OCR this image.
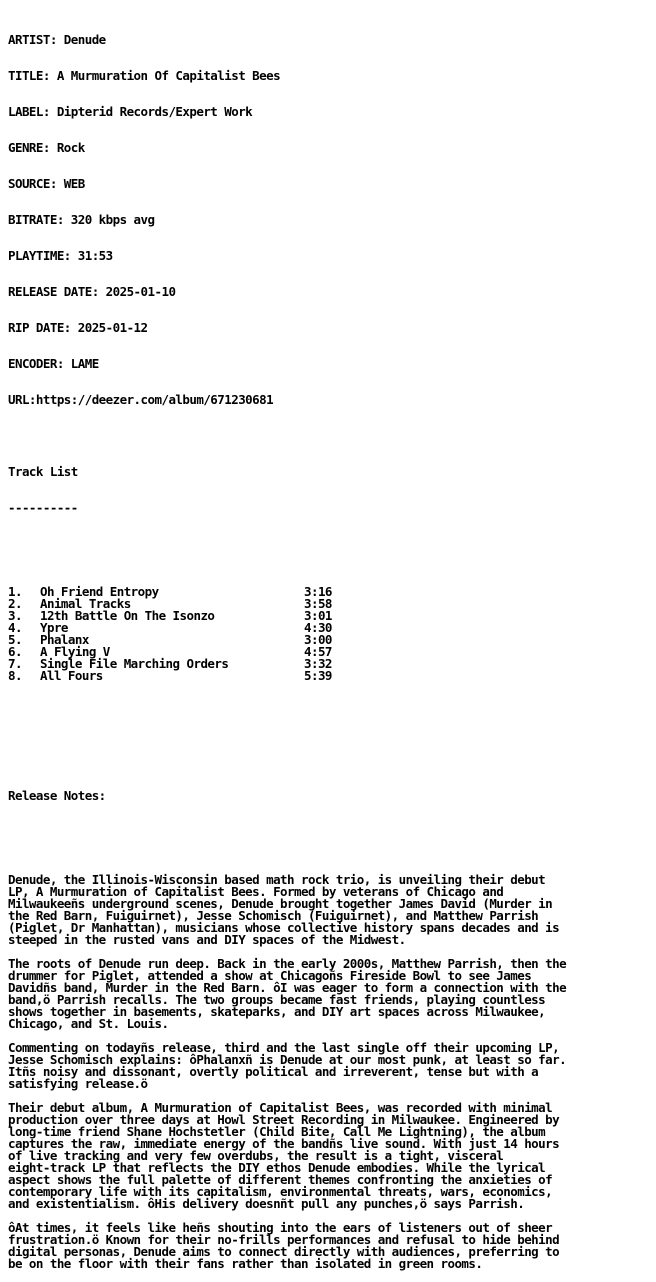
ARTIST: Denude

TITLE: A Murmuration Of Capitalist Bees

LABEL: Dipterid Records/Expert Work

GENRE: Rock

SOURCE: WEB

BITRATE: 320 kbps avg

PLAYTIME: 31:53

RELEASE DATE: 2025-01-10

RIP DATE: 2025-01-12

ENCODER: LAME

URL:https://deezer.com/album/671230681

Track List

----------

1.	Oh Friend Entropy	3:16
2.	Animal Tracks	3:58
3.	12th Battle On The Isonzo	3:01
4.	Ypre	4:30
5.	Phalanx	3:00
6.	A Flying V	4:57
7.	Single File Marching Orders	3:32
8.	All Fours	5:39

Release Notes:

Denude, the Illinois-Wisconsin based math rock trio, is unveiling their debut
LP, A Murmuration of Capitalist Bees. Formed by veterans of Chicago and
Milwaukeeñs underground scenes, Denude brought together James David (Murder in
the Red Barn, Fuiguirnet), Jesse Schomisch (Fuiguirnet), and Matthew Parrish
(Piglet, Dr Manhattan), musicians whose collective history spans decades and is
steeped in the rusted vans and DIY spaces of the Midwest.
The roots of Denude run deep. Back in the early 2000s, Matthew Parrish, then the
drummer for Piglet, attended a show at Chicagoñs Fireside Bowl to see James
Davidñs band, Murder in the Red Barn. ôI was eager to form a connection with the
band,ö Parrish recalls. The two groups became fast friends, playing countless
shows together in basements, skateparks, and DIY art spaces across Milwaukee,
Chicago, and St. Louis.
Commenting on todayñs release, third and the last single off their upcoming LP,
Jesse Schomisch explains: ôPhalanxñ is Denude at our most punk, at least so far.
Itñs noisy and dissonant, overtly political and irreverent, tense but with a
satisfying release.ö
Their debut album, A Murmuration of Capitalist Bees, was recorded with minimal
production over three days at Howl Street Recording in Milwaukee. Engineered by
long-time friend Shane Hochstetler (Child Bite, Call Me Lightning), the album
captures the raw, immediate energy of the bandñs live sound. With just 14 hours
of live tracking and very few overdubs, the result is a tight, visceral
eight-track LP that reflects the DIY ethos Denude embodies. While the lyrical
aspect shows the full palette of different themes confronting the anxieties of
contemporary life with its capitalism, environmental threats, wars, economics,
and existentialism. ôHis delivery doesnñt pull any punches,ö says Parrish.
ôAt times, it feels like heñs shouting into the ears of listeners out of sheer
frustration.ö Known for their no-frills performances and refusal to hide behind
digital personas, Denude aims to connect directly with audiences, preferring to
be on the floor with their fans rather than isolated in green rooms.
